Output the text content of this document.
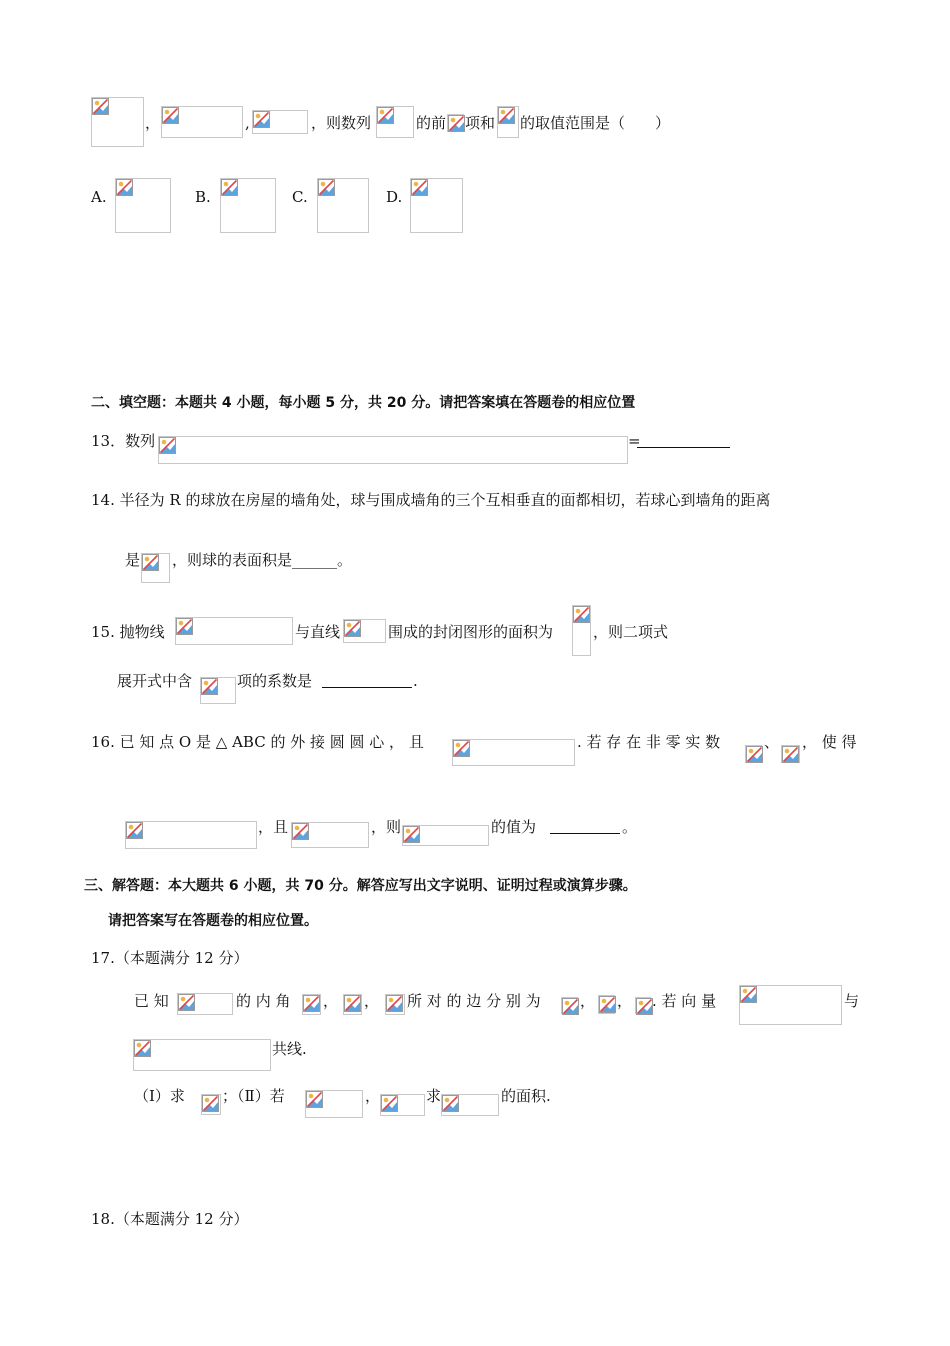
，	,	，则数列	的前 项和 的取值范围是（　　）
A.	B.	C.	D.
二、填空题：本题共 4 小题，每小题 5 分，共 20 分。请把答案填在答题卷的相应位置
13．数列	=
14. 半径为 R 的球放在房屋的墙角处，球与围成墙角的三个互相垂直的面都相切，若球心到墙角的距离
是 ，则球的表面积是______。
15. 抛物线	与直线	围成的封闭图形的面积为	，则二项式
展开式中含	项的系数是	.
16. 已 知 点 O 是 △ ABC 的 外 接 圆 圆 心 ， 且	. 若 存 在 非 零 实 数	、 ， 使 得
，且	，则	的值为	。
三、解答题：本大题共 6 小题，共 70 分。解答应写出文字说明、证明过程或演算步骤。
请把答案写在答题卷的相应位置。
17.（本题满分 12 分）
已 知	的 内 角 ， ， 所 对 的 边 分 别 为	， ， . 若 向 量	与
共线.
（Ⅰ）求 ；（Ⅱ）若	，	求	的面积.
18.（本题满分 12 分）
